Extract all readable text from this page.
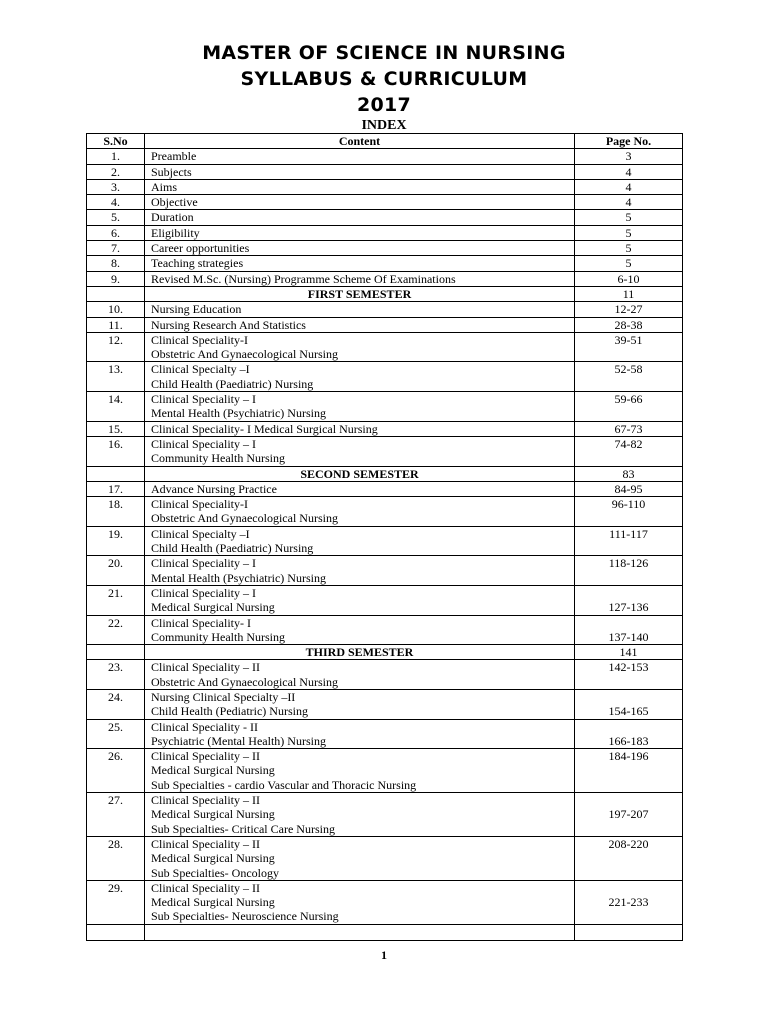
MASTER OF SCIENCE IN NURSING
SYLLABUS & CURRICULUM
2017
INDEX
S.No	Content	Page No.
1.	Preamble	3
2.	Subjects	4
3.	Aims	4
4.	Objective	4
5.	Duration	5
6.	Eligibility	5
7.	Career opportunities	5
8.	Teaching strategies	5
9.	Revised M.Sc. (Nursing) Programme Scheme Of Examinations	6-10
	FIRST SEMESTER	11
10.	Nursing Education	12-27
11.	Nursing Research And Statistics	28-38
12.	Clinical Speciality-I
Obstetric And Gynaecological Nursing	39-51
13.	Clinical Specialty –I
Child Health (Paediatric) Nursing	52-58
14.	Clinical Speciality – I
Mental Health (Psychiatric) Nursing	59-66
15.	Clinical Speciality- I Medical Surgical Nursing	67-73
16.	Clinical Speciality – I
Community Health Nursing	74-82
	SECOND SEMESTER	83
17.	Advance Nursing Practice	84-95
18.	Clinical Speciality-I
Obstetric And Gynaecological Nursing	96-110
19.	Clinical Specialty –I
Child Health (Paediatric) Nursing	111-117
20.	Clinical Speciality – I
Mental Health (Psychiatric) Nursing	118-126
21.	Clinical Speciality – I
Medical Surgical Nursing	127-136
22.	Clinical Speciality- I
Community Health Nursing	137-140
	THIRD SEMESTER	141
23.	Clinical Speciality – II
Obstetric And Gynaecological Nursing	142-153
24.	Nursing Clinical Specialty –II
Child Health (Pediatric) Nursing	154-165
25.	Clinical Speciality - II
Psychiatric (Mental Health) Nursing	166-183
26.	Clinical Speciality – II
Medical Surgical Nursing
Sub Specialties - cardio Vascular and Thoracic Nursing	184-196
27.	Clinical Speciality – II
Medical Surgical Nursing
Sub Specialties- Critical Care Nursing	197-207
28.	Clinical Speciality – II
Medical Surgical Nursing
Sub Specialties- Oncology	208-220
29.	Clinical Speciality – II
Medical Surgical Nursing
Sub Specialties- Neuroscience Nursing	221-233

1
